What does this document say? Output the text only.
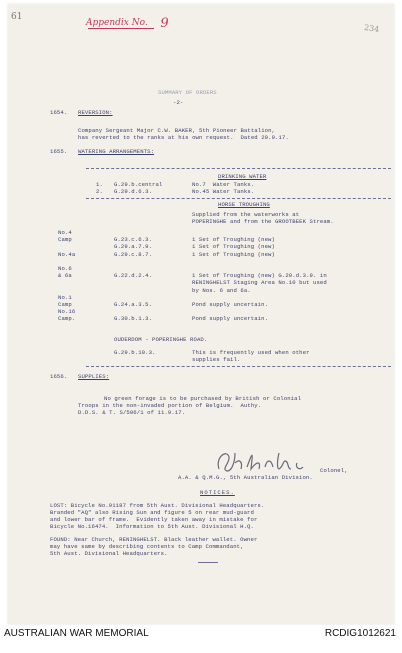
61
234
Appendix No. 9
SUMMARY OF ORDERS
-2-
1654. REVERSION:
Company Sergeant Major C.W. BAKER, 5th Pioneer Battalion,
has reverted to the ranks at his own request.  Dated 20.9.17.
1655. WATERING ARRANGEMENTS:
DRINKING WATER
1. G.29.b.central	No.7  Water Tanks.
2. G.29.d.6.3.	No.45 Water Tanks.
HORSE TROUGHING
Supplied from the waterworks at
POPERINGHE and from the GROOTBEEK Stream.
No.4
Camp	G.23.c.6.3.	1 Set of Troughing (new)
G.29.a.7.9.	1 Set of Troughing (new)
No.4a	G.29.c.8.7.	1 Set of Troughing (new)
No.6
& 6a	G.22.d.2.4.	1 Set of Troughing (new) G.29.d.3.9. in
RENINGHELST Staging Area No.10 but used
by Nos. 6 and 6a.
No.1
Camp	G.24.a.3.5.	Pond supply uncertain.
No.16
Camp.	G.30.b.1.3.	Pond supply uncertain.
OUDERDOM - POPERINGHE ROAD.
G.29.b.10.3.	This is frequently used when other
supplies fail.
1656. SUPPLIES:
No green forage is to be purchased by British or Colonial
Troops in the non-invaded portion of Belgium.  Authy.
D.D.S. & T. S/506/1 of 11.9.17.
Colonel,
A.A. & Q.M.G., 5th Australian Division.
NOTICES.
LOST: Bicycle No.91187 from 5th Aust. Divisional Headquarters.
Branded "AQ" also Rising Sun and figure 5 on rear mud-guard
and lower bar of frame.  Evidently taken away in mistake for
Bicycle No.16474.  Information to 5th Aust. Divisional H.Q.
FOUND: Near Church, RENINGHELST. Black leather wallet. Owner
may have same by describing contents to Camp Commandant,
5th Aust. Divisional Headquarters.
AUSTRALIAN WAR MEMORIAL	RCDIG1012621
